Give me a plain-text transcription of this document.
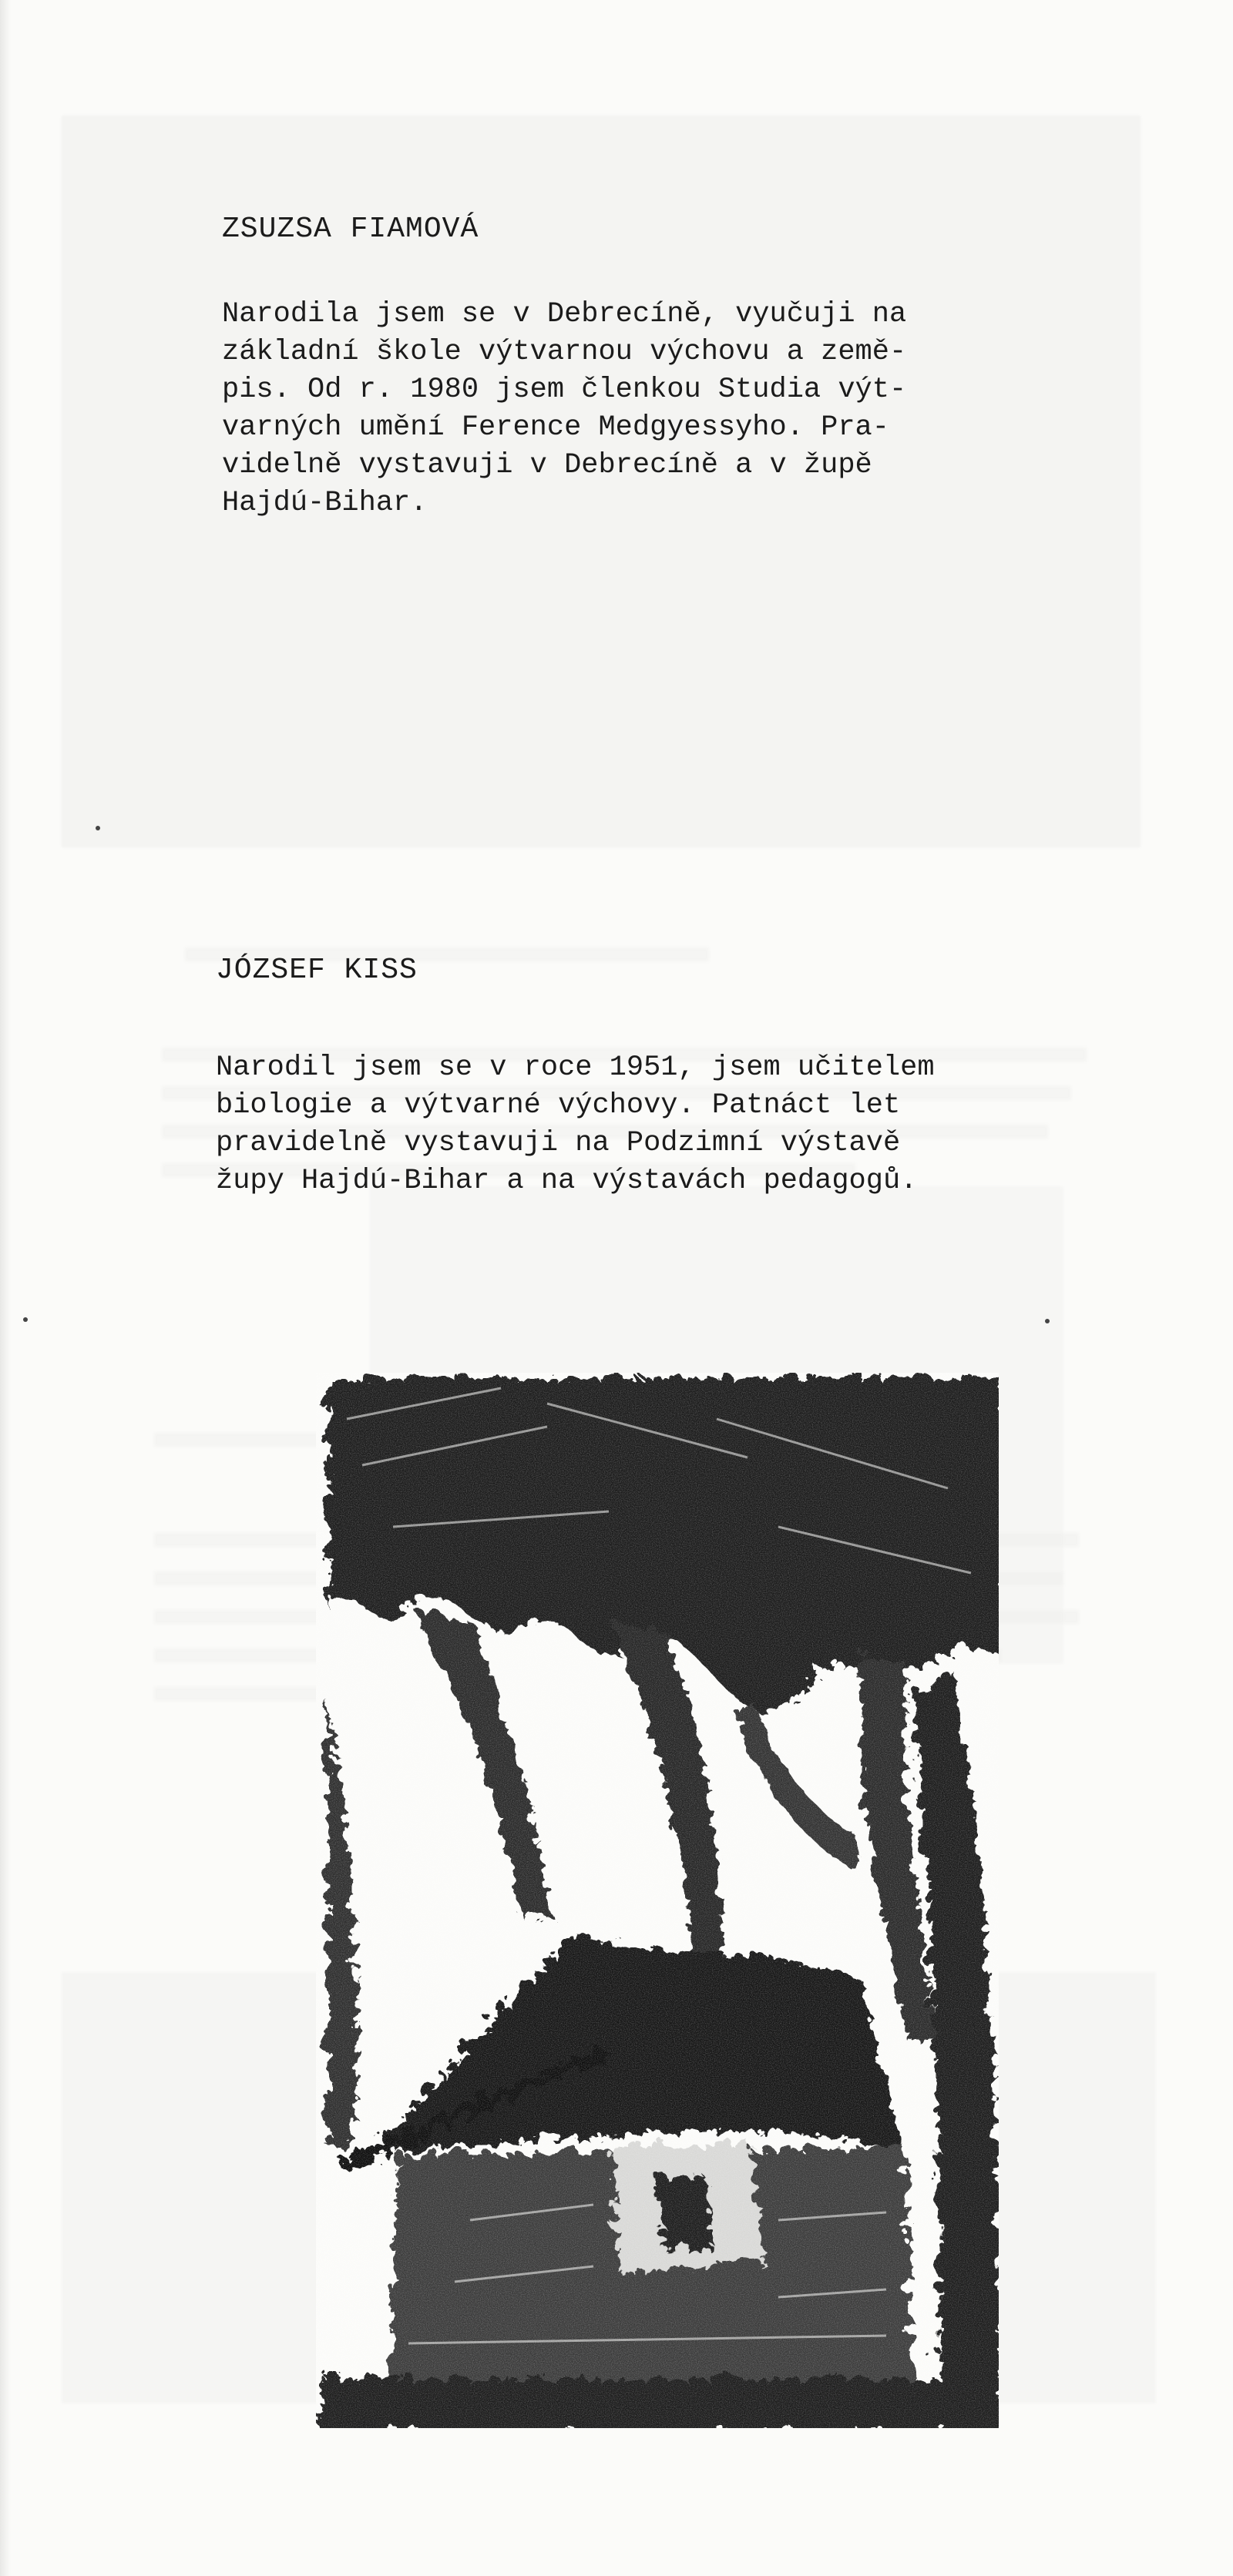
ZSUZSA FIAMOVÁ

Narodila jsem se v Debrecíně, vyučuji na
základní škole výtvarnou výchovu a země-
pis. Od r. 1980 jsem členkou Studia výt-
varných umění Ference Medgyessyho. Pra-
videlně vystavuji v Debrecíně a v župě
Hajdú-Bihar.

JÓZSEF KISS

Narodil jsem se v roce 1951, jsem učitelem
biologie a výtvarné výchovy. Patnáct let
pravidelně vystavuji na Podzimní výstavě
župy Hajdú-Bihar a na výstavách pedagogů.
